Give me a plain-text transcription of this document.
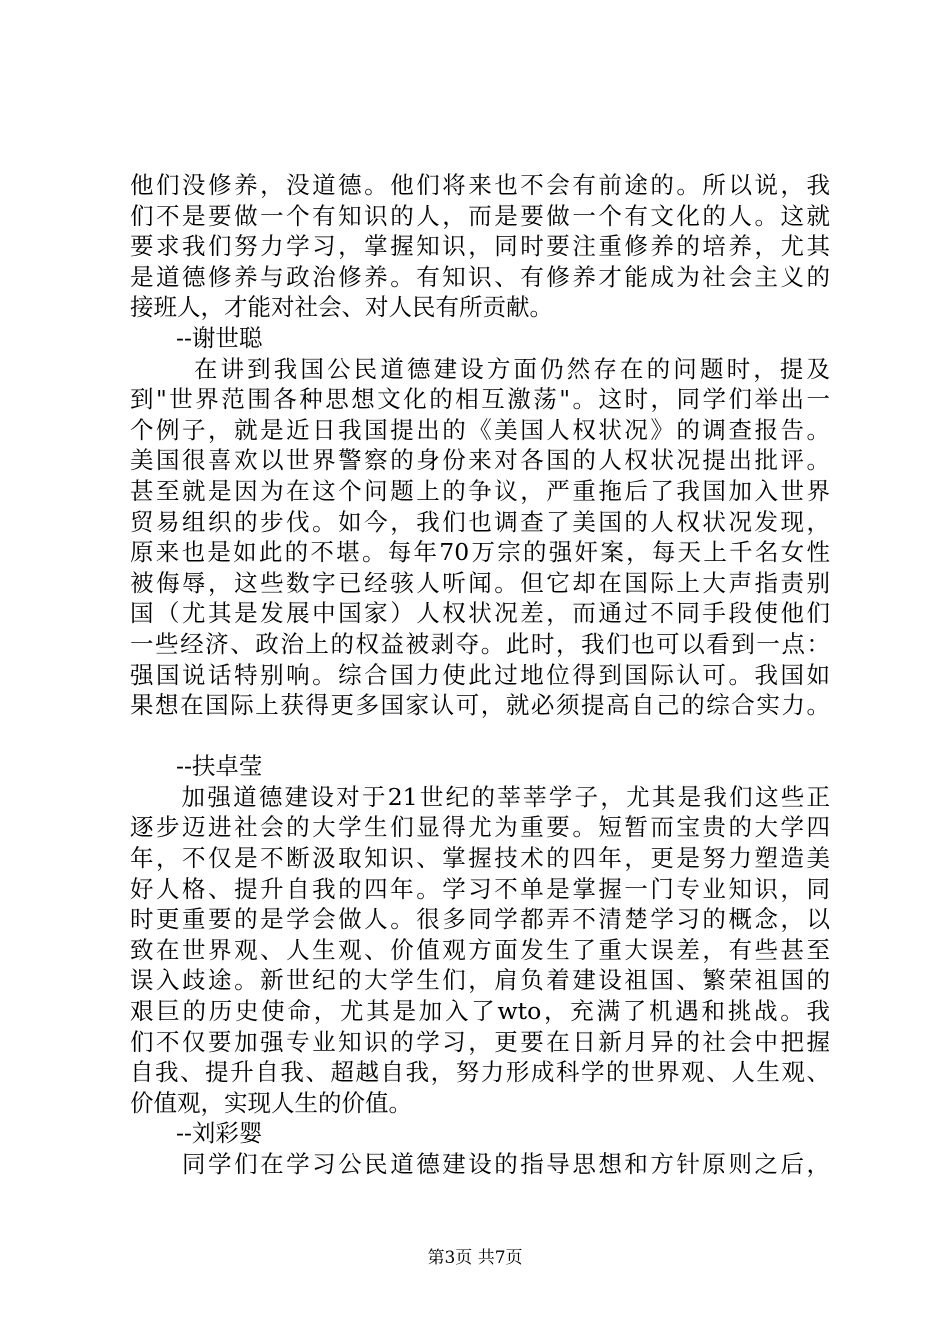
他们没修养，没道德。他们将来也不会有前途的。所以说，我
们不是要做一个有知识的人，而是要做一个有文化的人。这就
要求我们努力学习，掌握知识，同时要注重修养的培养，尤其
是道德修养与政治修养。有知识、有修养才能成为社会主义的
接班人，才能对社会、对人民有所贡献。
--谢世聪
　　 在讲到我国公民道德建设方面仍然存在的问题时，提及
到"世界范围各种思想文化的相互激荡"。这时，同学们举出一
个例子，就是近日我国提出的《美国人权状况》的调查报告。
美国很喜欢以世界警察的身份来对各国的人权状况提出批评。
甚至就是因为在这个问题上的争议，严重拖后了我国加入世界
贸易组织的步伐。如今，我们也调查了美国的人权状况发现，
原来也是如此的不堪。每年70万宗的强奸案，每天上千名女性
被侮辱，这些数字已经骇人听闻。但它却在国际上大声指责别
国（尤其是发展中国家）人权状况差，而通过不同手段使他们
一些经济、政治上的权益被剥夺。此时，我们也可以看到一点：
强国说话特别响。综合国力使此过地位得到国际认可。我国如
果想在国际上获得更多国家认可，就必须提高自己的综合实力。
--扶卓莹
　　加强道德建设对于21世纪的莘莘学子，尤其是我们这些正
逐步迈进社会的大学生们显得尤为重要。短暂而宝贵的大学四
年，不仅是不断汲取知识、掌握技术的四年，更是努力塑造美
好人格、提升自我的四年。学习不单是掌握一门专业知识，同
时更重要的是学会做人。很多同学都弄不清楚学习的概念，以
致在世界观、人生观、价值观方面发生了重大误差，有些甚至
误入歧途。新世纪的大学生们，肩负着建设祖国、繁荣祖国的
艰巨的历史使命，尤其是加入了wto，充满了机遇和挑战。我
们不仅要加强专业知识的学习，更要在日新月异的社会中把握
自我、提升自我、超越自我，努力形成科学的世界观、人生观、
价值观，实现人生的价值。
--刘彩婴
　　同学们在学习公民道德建设的指导思想和方针原则之后，
第3页 共7页
